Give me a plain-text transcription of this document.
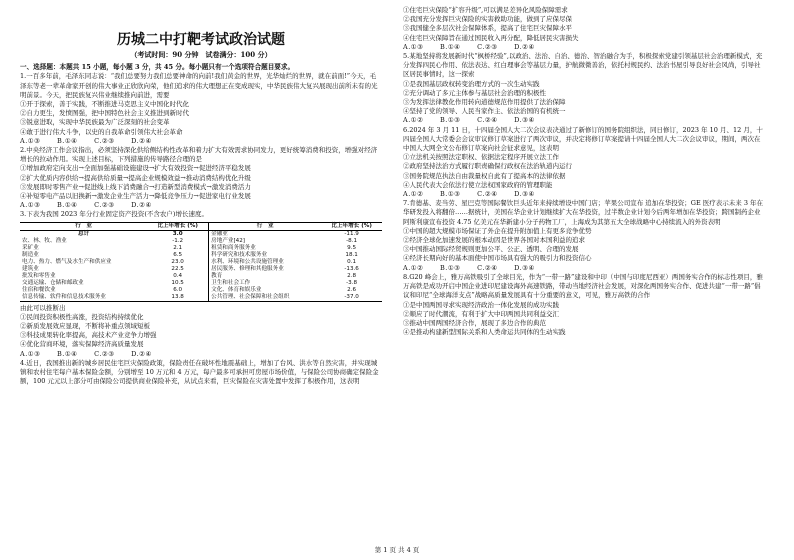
历城二中打靶考试政治试题
（考试时间：90 分钟　试卷满分：100 分）

一、选择题：本题共 15 小题，每小题 3 分，共 45 分。每小题只有一个选项符合题目要求。

1.一百多年前，毛泽东同志说：“我们总要努力我们总要神命的向前!我们黄金的世界，光华灿烂的世界，就在前面!”今天，毛泽东等老一辈革命家开创的伟大事业正欣欣向荣，他们追求的伟大理想正在变成现实，中华民族伟大复兴展现出前所未有的光明前景。今天，把民族复兴伟业继续推向前进，需要

①开于探索，善于实践，不断推进马克思主义中国化时代化

②自力更生，发愤图强，把中国特色社会主义推进到新时代

③锐意进取，实现中华民族最为广泛深刻的社会变革

④敢于进行伟大斗争，以史的自我革命引领伟大社会革命

A.①③  	B.①④  	C.②③  	D.②④

2.中央经济工作会议指出，必须坚持深化供给侧结构性改革和着力扩大有效需求协同发力，更好统筹消费和投资，增强对经济增长的拉动作用。实现上述目标，下列措施的传导路径合理的是

①增加政府定向支出→全面加强基础设施建设→扩大有效投资→促进经济平稳发展

②扩大优质内容供给→提高供给质量→提高企业规模效益→推动消费结构优化升级

③发展即时零售产业→促进线上线下消费融合→打造新型消费模式→激发消费活力

④补短零电产品以旧换新→激发企业生产活力→降低竞争压力→促进家电行业发展

A.①③  	B.①④  	C.②③  	D.②④

3.下表为我国 2023 年分行业固定资产投资(不含农户)增长速度。

行　业	比上年增长 (%)	行　业	比上年增长 (%)
总计	3.0	金融业	-11.9
农、林、牧、渔业	-1.2	房地产业[42]	-8.1
采矿业	2.1	租赁和商务服务业	9.5
制造业	6.5	科学研究和技术服务业	18.1
电力、热力、燃气及水生产和供应业	23.0	水利、环境和公共设施管理业	0.1
建筑业	22.5	居民服务、修理和其他服务业	-13.6
批发和零售业	0.4	教育	2.8
交通运输、仓储和邮政业	10.5	卫生和社会工作	-3.8
住宿和餐饮业	6.0	文化、体育和娱乐业	2.6
信息传输、软件和信息技术服务业	13.8	公共管理、社会保障和社会组织	-37.0

由此可以推断出

①民间投资积极性高涨，投资结构持续优化

②新质发展效应显现，不断将补重点领域短板

③科技成果转化率提高，高技术产业竞争力增强

④优化营商环境，落实保障经济高质量发展

A.①③  	B.①④  	C.②③  	D.②④

4.近日，我国推出新的城乡居民住宅巨灾保险政策，保险责任在破坏性地震基础上，增加了台风、洪水等自然灾害，并实现城镇和农村住宅每户基本保险金额，分别增至 10 万元和 4 万元，每户最多可承担可房屋市场价值，与保险公司协商确定保险金额，100 元元以上部分可由保险公司提供商业保险补充，从试点来看，巨灾保险在灾害处置中发挥了积极作用，这表明

①住宅巨灾保险“扩容升级”,可以满足差异化风险保障需求

②我国充分发挥巨灾保险的实害救助功能，做到了应保尽保

③我国健全多层次社会保障体系，提高了住宅巨灾保障水平

④住宅巨灾保障旨在通过国民收入再分配，降低居民灾害损失

A.①③  	B.①④  	C.②③  	D.②④

5.某地坚持将发展新时代“枫桥经验”,以政治、法治、自治、德治、智治融合为手，积极探索党建引领基层社会治理新模式，充分发挥四民心作用、依法表达、红白理事会等基层力量，护航微微善治，依托村规民约、法治书屋引导良好社会风尚，引导社区居民事情时，这一探索

①是我国基层政权转变治理方式的一次生动实践

②充分调动了多元主体参与基层社会治理的积极性

③为发挥法律教化作用转向道德规范作用提供了法治保障

④坚持了党的领导、人民当家作主、依法治国的有机统一

A.①②  	B.①③  	C.②④  	D.③④

6.2024 年 3 月 11 日，十四届全国人大二次会议表决通过了新修订的国务院组织法，同日修订，2023 年 10 月、12 月，十四届全国人大常委会会议审议修订草案进行了两次审议，并决定将修订草案提请十四届全国人大二次会议审议，期间，两次在中国人大网全文公布修订草案向社会征求意见，这表明

①立法机关按照法定职权、依据法定程序开展立法工作

②政府坚持法治方式履行职责确保行政权在法治轨道内运行

③国务院规范执法自由裁量权自此有了提高本的法律依据

④人民代表大会依法行使立法权国家政府的管理职能

A.①②  	B.①③  	C.②④  	D.③④

7.肯德基、麦当劳、星巴克等国际餐饮巨头近年来持续增设中国门店；苹果公司宣布 追加在华投资；GE 医疗表示未来 3 年在华研发投入将翻倍……据统计，美国在华企业计划继续扩大在华投资，过半数企业计划今后两年增加在华投资；跨国制药企业阿斯利康宣布投资 4.75 亿美元在华新建小分子药物工厂，上海成为其第五大全球战略中心持续流入的外资表明

①中国的超大规模市场保证了外企在提升附加值上有更多竞争优势

②经济全球化加速发展的根本动因是世界各国对本国利益的追求

③中国推动国际经贸规则更加公平、公正、透明、合理的发展

④经济长期向好的基本面使中国市场具有强大的吸引力和投资信心

A.①②  	B.①③  	C.②④  	D.③④

8.G20 峰会上，雅万高铁吸引了全球目光，作为“一带一路”建设和中印（中国与印度尼西亚）两国务实合作的标志性项目，雅万高铁是成功开启中国企业进印尼建设海外高速铁路，带动当地经济社会发展，对深化两国务实合作、促进共建“一带一路”倡议和印尼“全球海洋支点”战略高质量发展具有十分重要的意义，可见，雅万高铁的合作

①是中国两国寻求实现经济政治一体化发展的成功实践

②顺应了时代潮流，有利于扩大中印两国共同利益交汇

③推动中国两国经济合作，展现了多边合作的典范

④是推动构建新型国际关系和人类命运共同体的生动实践

第 1 页 共 4 页
